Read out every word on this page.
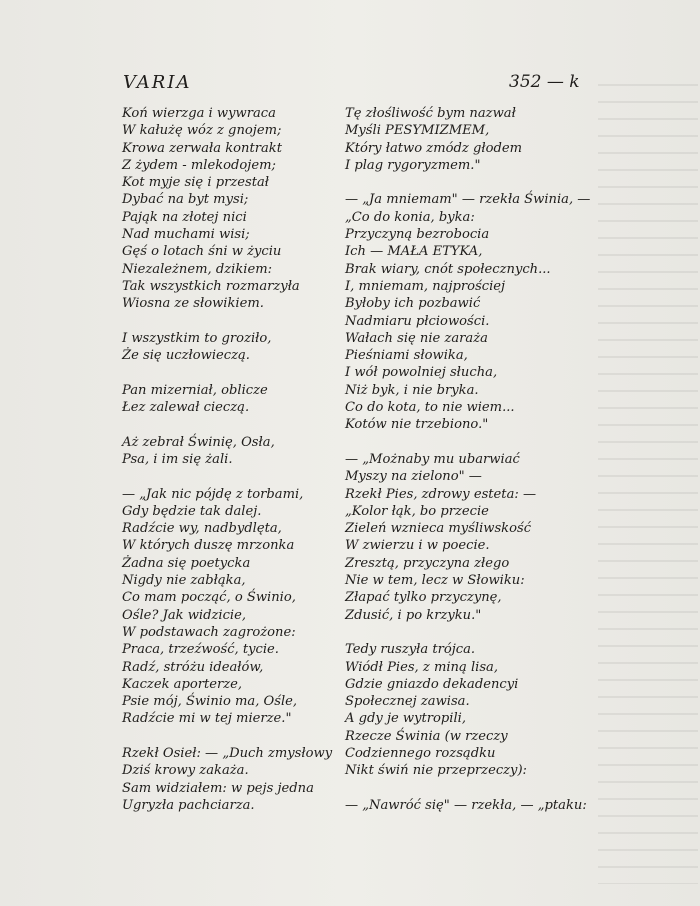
VARIA	352 — k
Koń wierzga i wywraca
W kałużę wóz z gnojem;
Krowa zerwała kontrakt
Z żydem - mlekodojem;
Kot myje się i przestał
Dybać na byt mysi;
Pająk na złotej nici
Nad muchami wisi;
Gęś o lotach śni w życiu
Niezależnem, dzikiem:
Tak wszystkich rozmarzyła
Wiosna ze słowikiem.
I wszystkim to groziło,
Że się uczłowieczą.
Pan mizerniał, oblicze
Łez zalewał cieczą.
Aż zebrał Świnię, Osła,
Psa, i im się żali.
— „Jak nic pójdę z torbami,
Gdy będzie tak dalej.
Radźcie wy, nadbydlęta,
W których duszę mrzonka
Żadna się poetycka
Nigdy nie zabłąka,
Co mam począć, o Świnio,
Ośle? Jak widzicie,
W podstawach zagrożone:
Praca, trzeźwość, tycie.
Radź, stróżu ideałów,
Kaczek aporterze,
Psie mój, Świnio ma, Ośle,
Radźcie mi w tej mierze."
Rzekł Osieł: — „Duch zmysłowy
Dziś krowy zakaża.
Sam widziałem: w pejs jedna
Ugryzła pachciarza.
Tę złośliwość bym nazwał
Myśli PESYMIZMEM,
Który łatwo zmódz głodem
I plag rygoryzmem."
— „Ja mniemam" — rzekła Świnia, —
„Co do konia, byka:
Przyczyną bezrobocia
Ich — MAŁA ETYKA,
Brak wiary, cnót społecznych...
I, mniemam, najprościej
Byłoby ich pozbawić
Nadmiaru płciowości.
Wałach się nie zaraża
Pieśniami słowika,
I wół powolniej słucha,
Niż byk, i nie bryka.
Co do kota, to nie wiem...
Kotów nie trzebiono."
— „Możnaby mu ubarwiać
Myszy na zielono" —
Rzekł Pies, zdrowy esteta: —
„Kolor łąk, bo przecie
Zieleń wznieca myśliwskość
W zwierzu i w poecie.
Zresztą, przyczyna złego
Nie w tem, lecz w Słowiku:
Złapać tylko przyczynę,
Zdusić, i po krzyku."
Tedy ruszyła trójca.
Wiódł Pies, z miną lisa,
Gdzie gniazdo dekadencyi
Społecznej zawisa.
A gdy je wytropili,
Rzecze Świnia (w rzeczy
Codziennego rozsądku
Nikt świń nie przeprzeczy):
— „Nawróć się" — rzekła, — „ptaku:
